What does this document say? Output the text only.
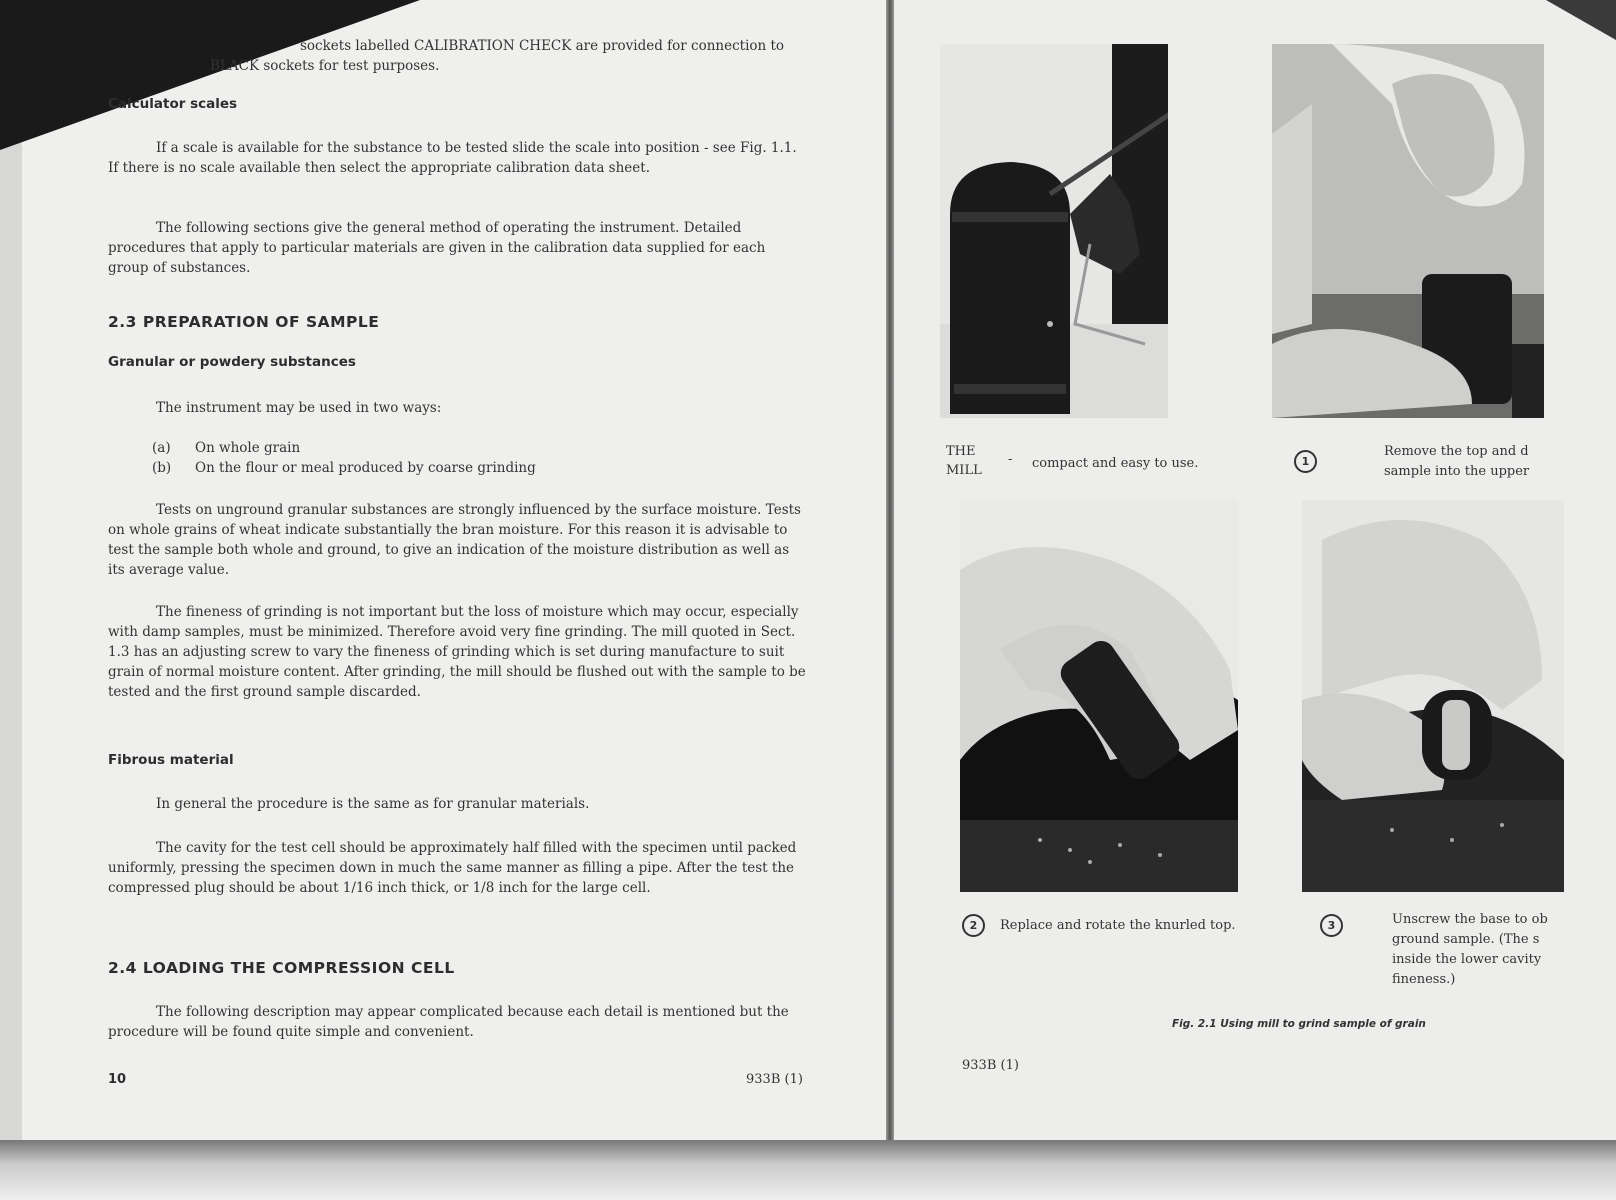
sockets labelled CALIBRATION CHECK are provided for connection to
BLACK sockets for test purposes.
Calculator scales
If a scale is available for the substance to be tested slide the scale into position - see Fig. 1.1. If there is no scale available then select the appropriate calibration data sheet.
The following sections give the general method of operating the instrument. Detailed procedures that apply to particular materials are given in the calibration data supplied for each group of substances.
2.3 PREPARATION OF SAMPLE
Granular or powdery substances
The instrument may be used in two ways:
(a) On whole grain
(b) On the flour or meal produced by coarse grinding
Tests on unground granular substances are strongly influenced by the surface moisture. Tests on whole grains of wheat indicate substantially the bran moisture. For this reason it is advisable to test the sample both whole and ground, to give an indication of the moisture distribution as well as its average value.
The fineness of grinding is not important but the loss of moisture which may occur, especially with damp samples, must be minimized. Therefore avoid very fine grinding. The mill quoted in Sect. 1.3 has an adjusting screw to vary the fineness of grinding which is set during manufacture to suit grain of normal moisture content. After grinding, the mill should be flushed out with the sample to be tested and the first ground sample discarded.
Fibrous material
In general the procedure is the same as for granular materials.
The cavity for the test cell should be approximately half filled with the specimen until packed uniformly, pressing the specimen down in much the same manner as filling a pipe. After the test the compressed plug should be about 1/16 inch thick, or 1/8 inch for the large cell.
2.4 LOADING THE COMPRESSION CELL
The following description may appear complicated because each detail is mentioned but the procedure will be found quite simple and convenient.
10	933B (1)
THE
MILL
- compact and easy to use.	1
Remove the top and d
sample into the upper
2	Replace and rotate the knurled top.	3	Unscrew the base to ob
ground sample. (The s
inside the lower cavity
fineness.)
Fig. 2.1 Using mill to grind sample of grain
933B (1)
